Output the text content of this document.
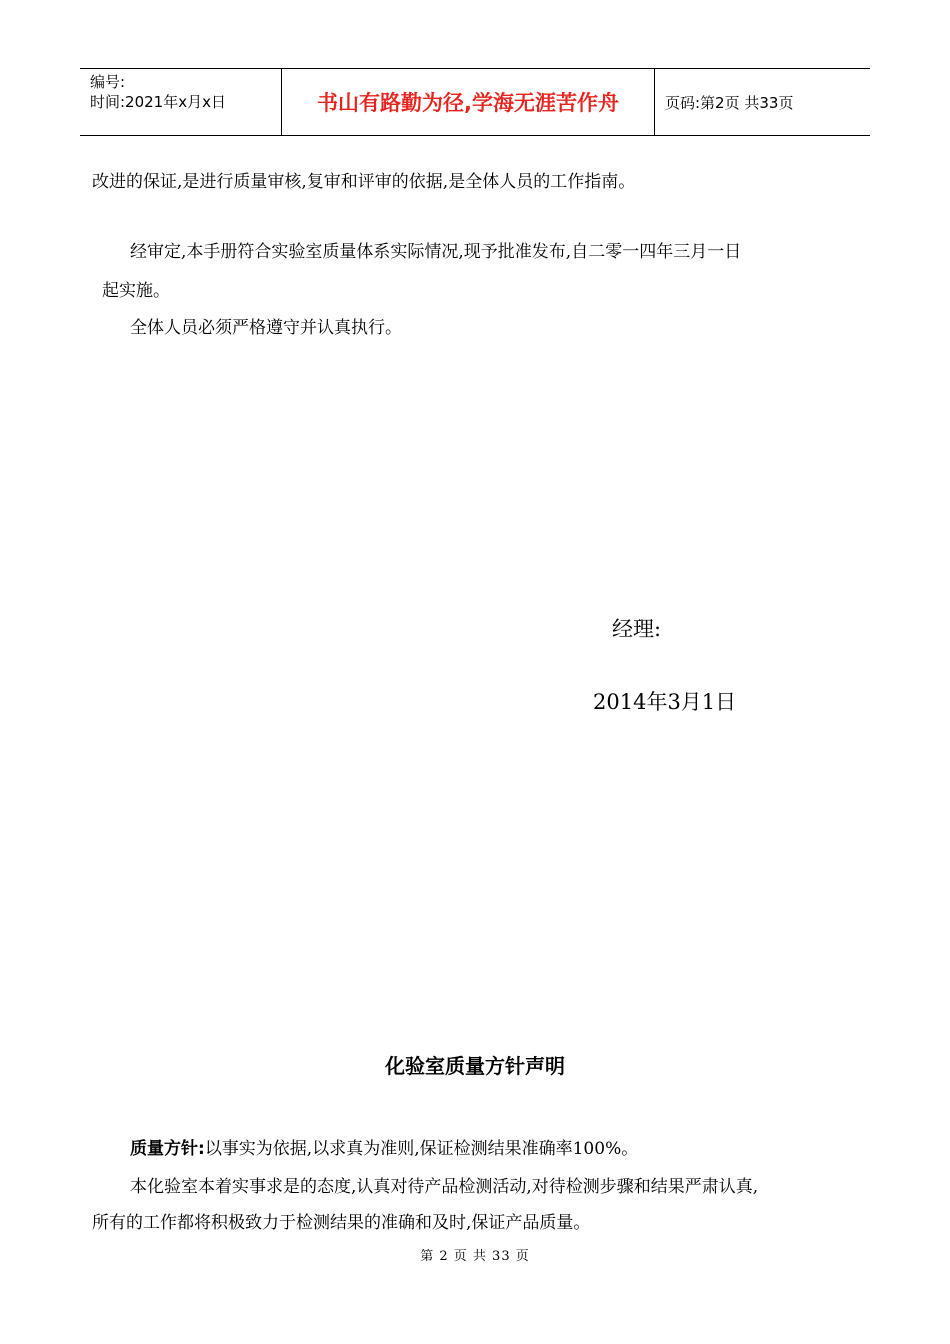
编号:
时间:2021年x月x日	书山有路勤为径,学海无涯苦作舟	页码:第2页 共33页
改进的保证,是进行质量审核,复审和评审的依据,是全体人员的工作指南。
经审定,本手册符合实验室质量体系实际情况,现予批准发布,自二零一四年三月一日
起实施。
全体人员必须严格遵守并认真执行。
经理:
2014年3月1日
化验室质量方针声明
质量方针:以事实为依据,以求真为准则,保证检测结果准确率100%。
本化验室本着实事求是的态度,认真对待产品检测活动,对待检测步骤和结果严肃认真,
所有的工作都将积极致力于检测结果的准确和及时,保证产品质量。
第 2 页 共 33 页
